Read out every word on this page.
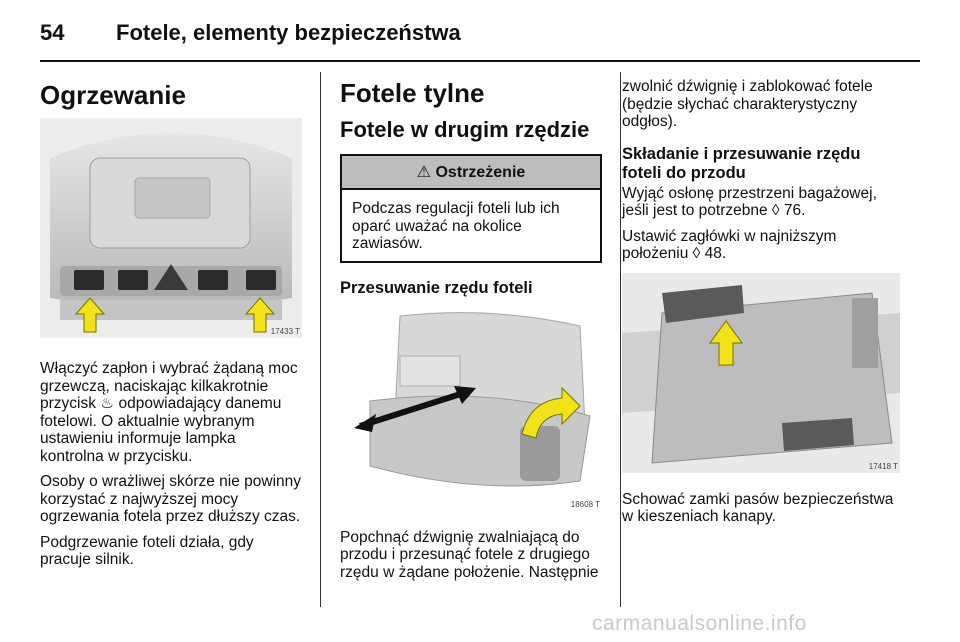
54 Fotele, elementy bezpieczeństwa
Ogrzewanie
17433 T

Włączyć zapłon i wybrać żądaną moc grzewczą, naciskając kilkakrotnie przycisk ♨ odpowiadający danemu fotelowi. O aktualnie wybranym ustawieniu informuje lampka kontrolna w przycisku.

Osoby o wrażliwej skórze nie powinny korzystać z najwyższej mocy ogrzewania fotela przez dłuższy czas.

Podgrzewanie foteli działa, gdy pracuje silnik.

Fotele tylne
Fotele w drugim rzędzie
⚠ Ostrzeżenie
Podczas regulacji foteli lub ich oparć uważać na okolice zawiasów.
Przesuwanie rzędu foteli
18608 T

Popchnąć dźwignię zwalniającą do przodu i przesunąć fotele z drugiego rzędu w żądane położenie. Następnie

zwolnić dźwignię i zablokować fotele (będzie słychać charakterystyczny odgłos).

Składanie i przesuwanie rzędu foteli do przodu

Wyjąć osłonę przestrzeni bagażowej, jeśli jest to potrzebne ◊ 76.

Ustawić zagłówki w najniższym położeniu ◊ 48.

17418 T

Schować zamki pasów bezpieczeństwa w kieszeniach kanapy.

carmanualsonline.info
